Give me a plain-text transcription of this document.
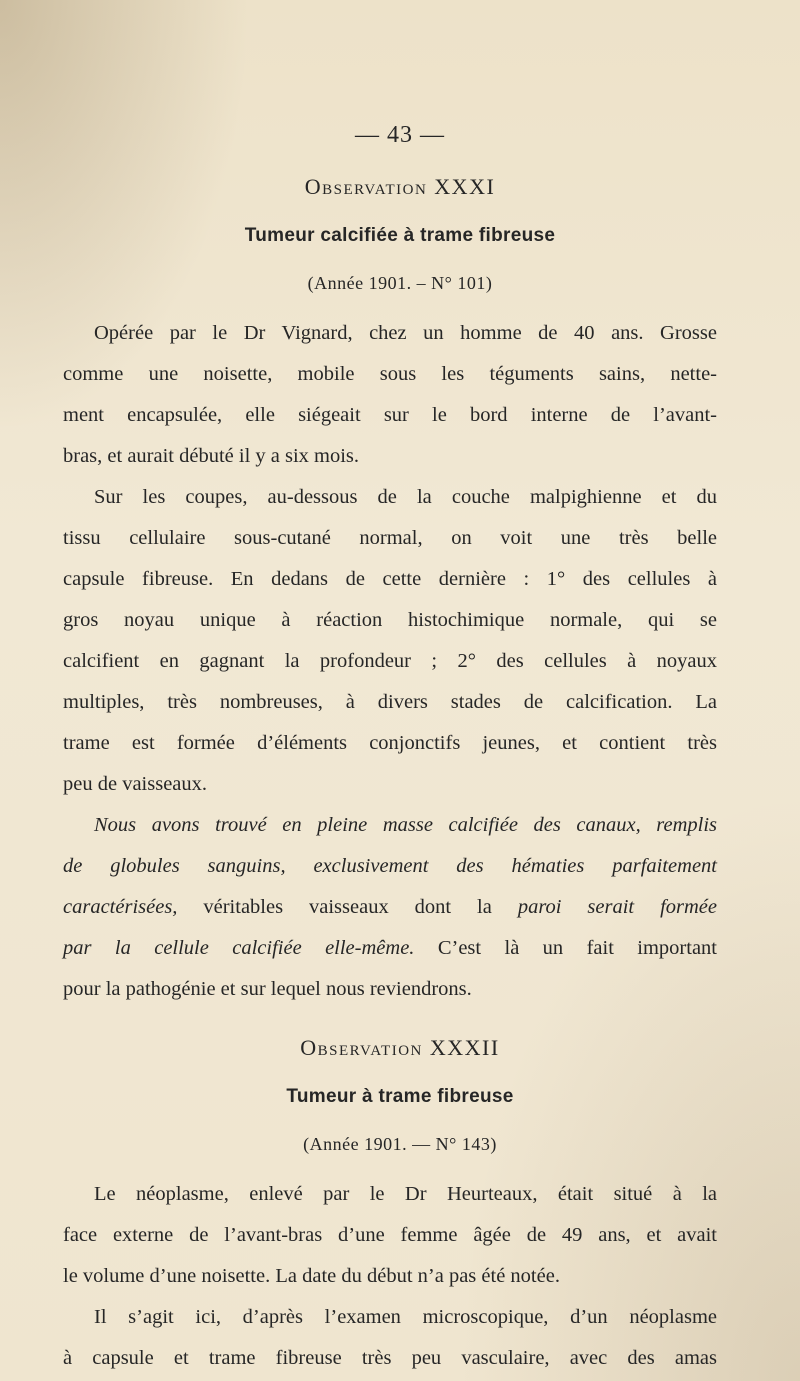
— 43 —
Observation XXXI
Tumeur calcifiée à trame fibreuse
(Année 1901. – N° 101)
Opérée par le Dr Vignard, chez un homme de 40 ans. Grosse
comme une noisette, mobile sous les téguments sains, nette-
ment encapsulée, elle siégeait sur le bord interne de l’avant-
bras, et aurait débuté il y a six mois.
Sur les coupes, au-dessous de la couche malpighienne et du
tissu cellulaire sous-cutané normal, on voit une très belle
capsule fibreuse. En dedans de cette dernière : 1° des cellules à
gros noyau unique à réaction histochimique normale, qui se
calcifient en gagnant la profondeur ; 2° des cellules à noyaux
multiples, très nombreuses, à divers stades de calcification. La
trame est formée d’éléments conjonctifs jeunes, et contient très
peu de vaisseaux.
Nous avons trouvé en pleine masse calcifiée des canaux, remplis
de globules sanguins, exclusivement des hématies parfaitement
caractérisées, véritables vaisseaux dont la paroi serait formée
par la cellule calcifiée elle-même. C’est là un fait important
pour la pathogénie et sur lequel nous reviendrons.
Observation XXXII
Tumeur à trame fibreuse
(Année 1901. — N° 143)
Le néoplasme, enlevé par le Dr Heurteaux, était situé à la
face externe de l’avant-bras d’une femme âgée de 49 ans, et avait
le volume d’une noisette. La date du début n’a pas été notée.
Il s’agit ici, d’après l’examen microscopique, d’un néoplasme
à capsule et trame fibreuse très peu vasculaire, avec des amas
